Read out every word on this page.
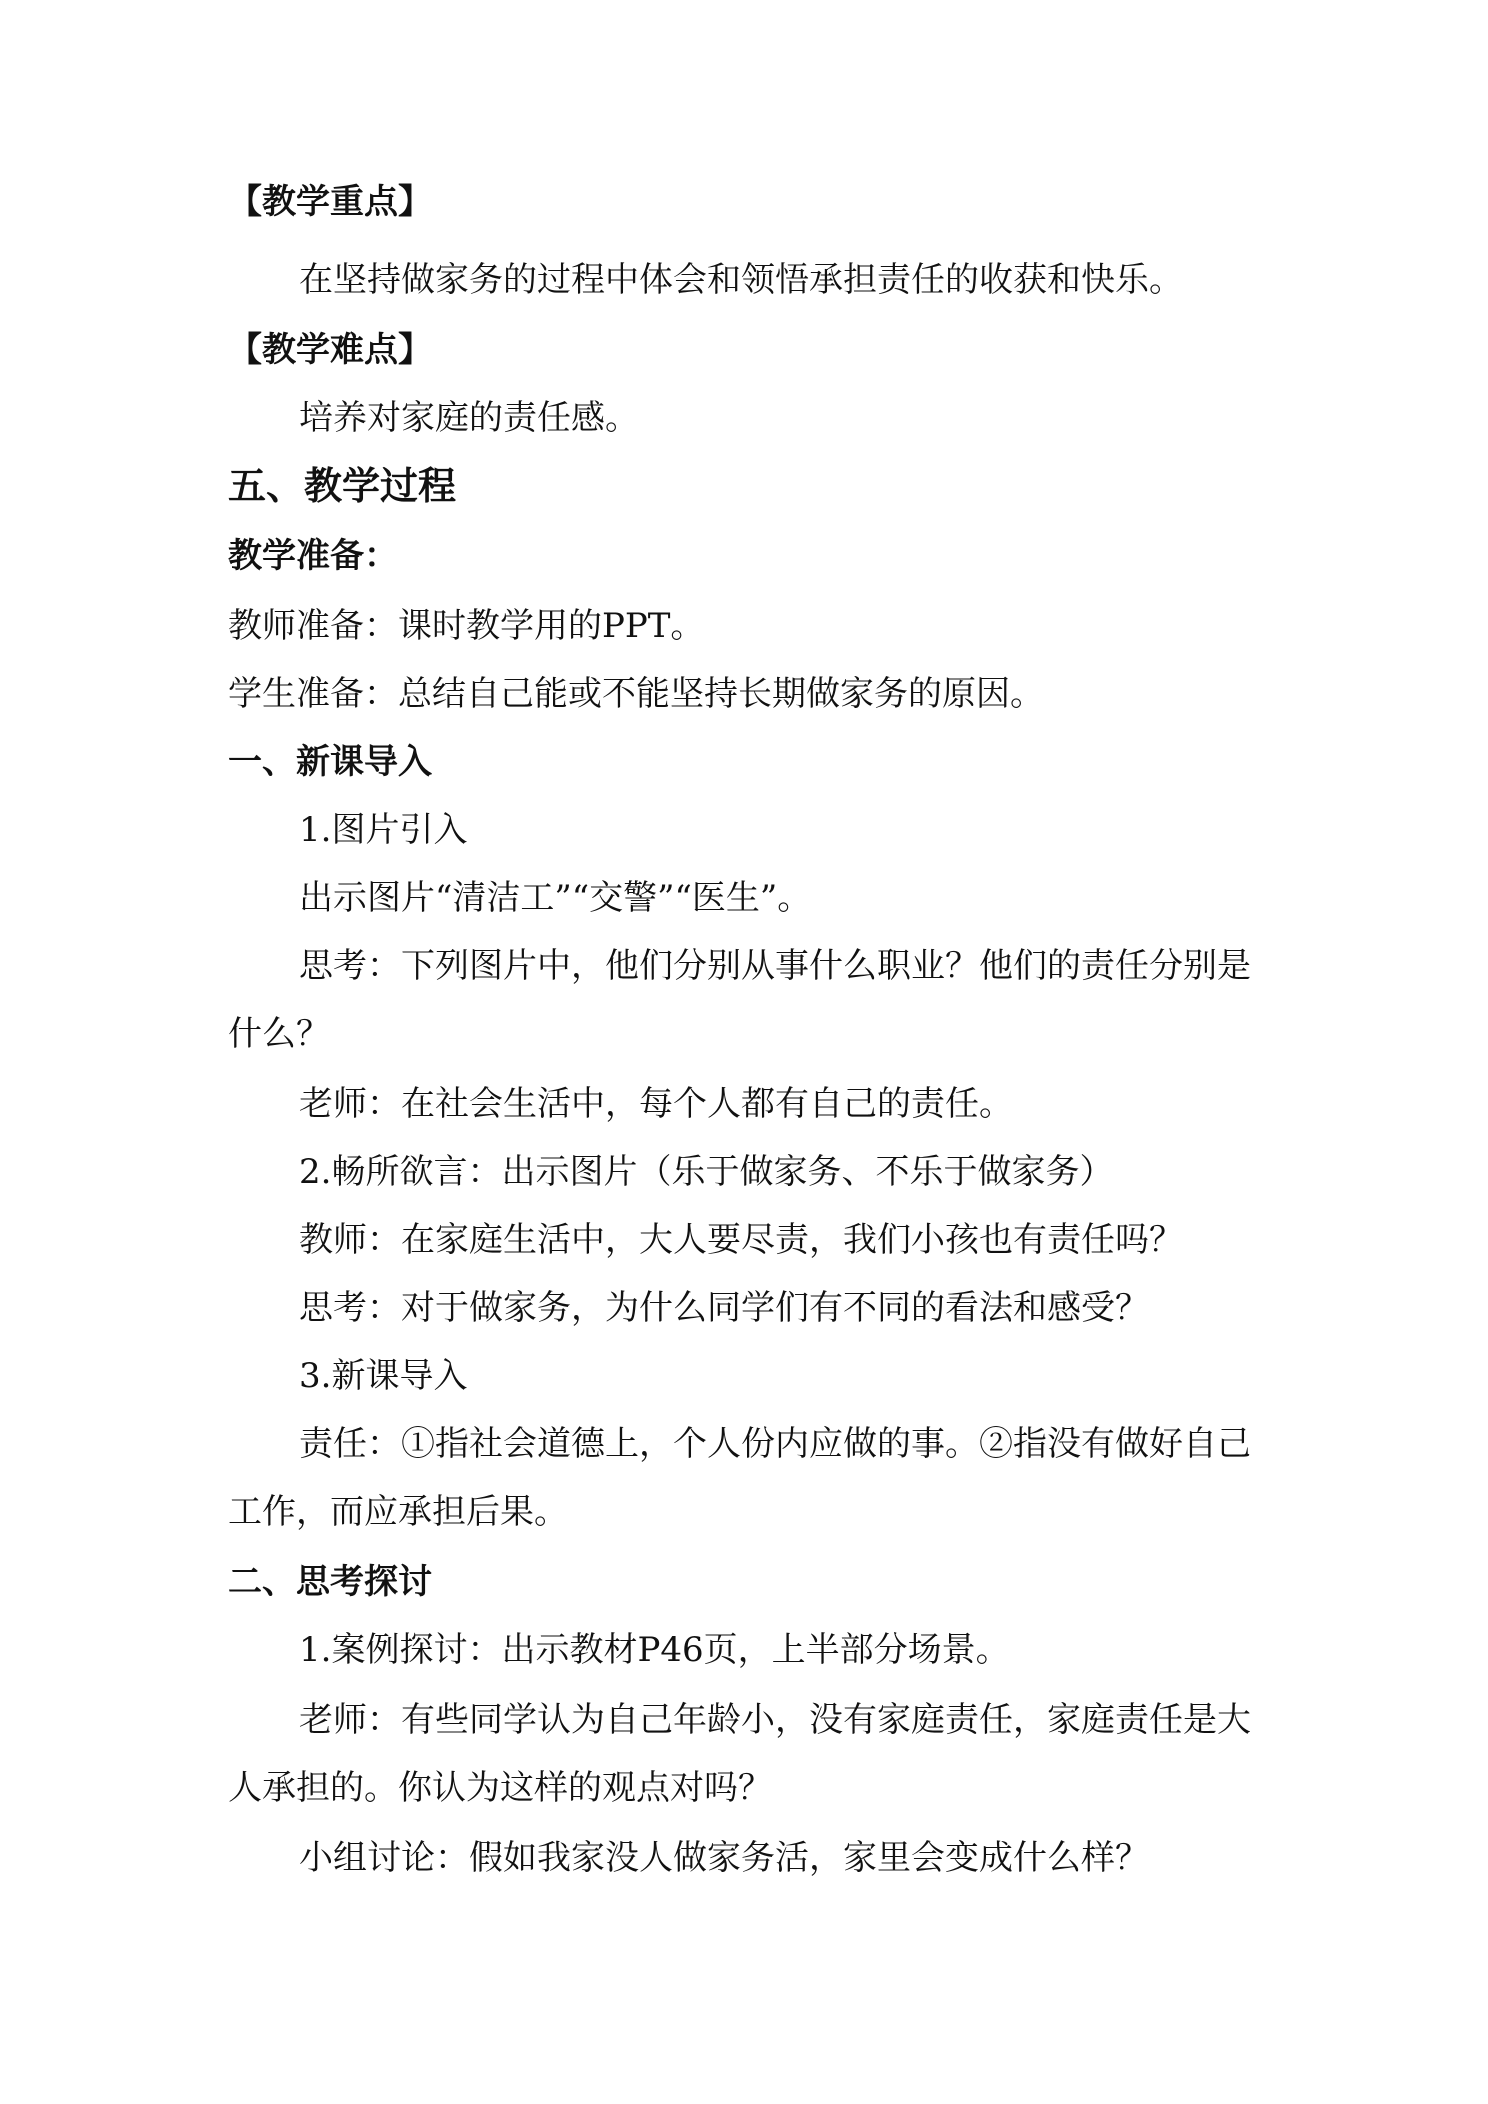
【教学重点】
在坚持做家务的过程中体会和领悟承担责任的收获和快乐。
【教学难点】
培养对家庭的责任感。
五、教学过程
教学准备：
教师准备：课时教学用的PPT。
学生准备：总结自己能或不能坚持长期做家务的原因。
一、新课导入
1.图片引入
出示图片“清洁工”“交警”“医生”。
思考：下列图片中，他们分别从事什么职业？他们的责任分别是
什么？
老师：在社会生活中，每个人都有自己的责任。
2.畅所欲言：出示图片（乐于做家务、不乐于做家务）
教师：在家庭生活中，大人要尽责，我们小孩也有责任吗？
思考：对于做家务，为什么同学们有不同的看法和感受？
3.新课导入
责任：①指社会道德上，个人份内应做的事。②指没有做好自己
工作，而应承担后果。
二、思考探讨
1.案例探讨：出示教材P46页，上半部分场景。
老师：有些同学认为自己年龄小，没有家庭责任，家庭责任是大
人承担的。你认为这样的观点对吗？
小组讨论：假如我家没人做家务活，家里会变成什么样？
